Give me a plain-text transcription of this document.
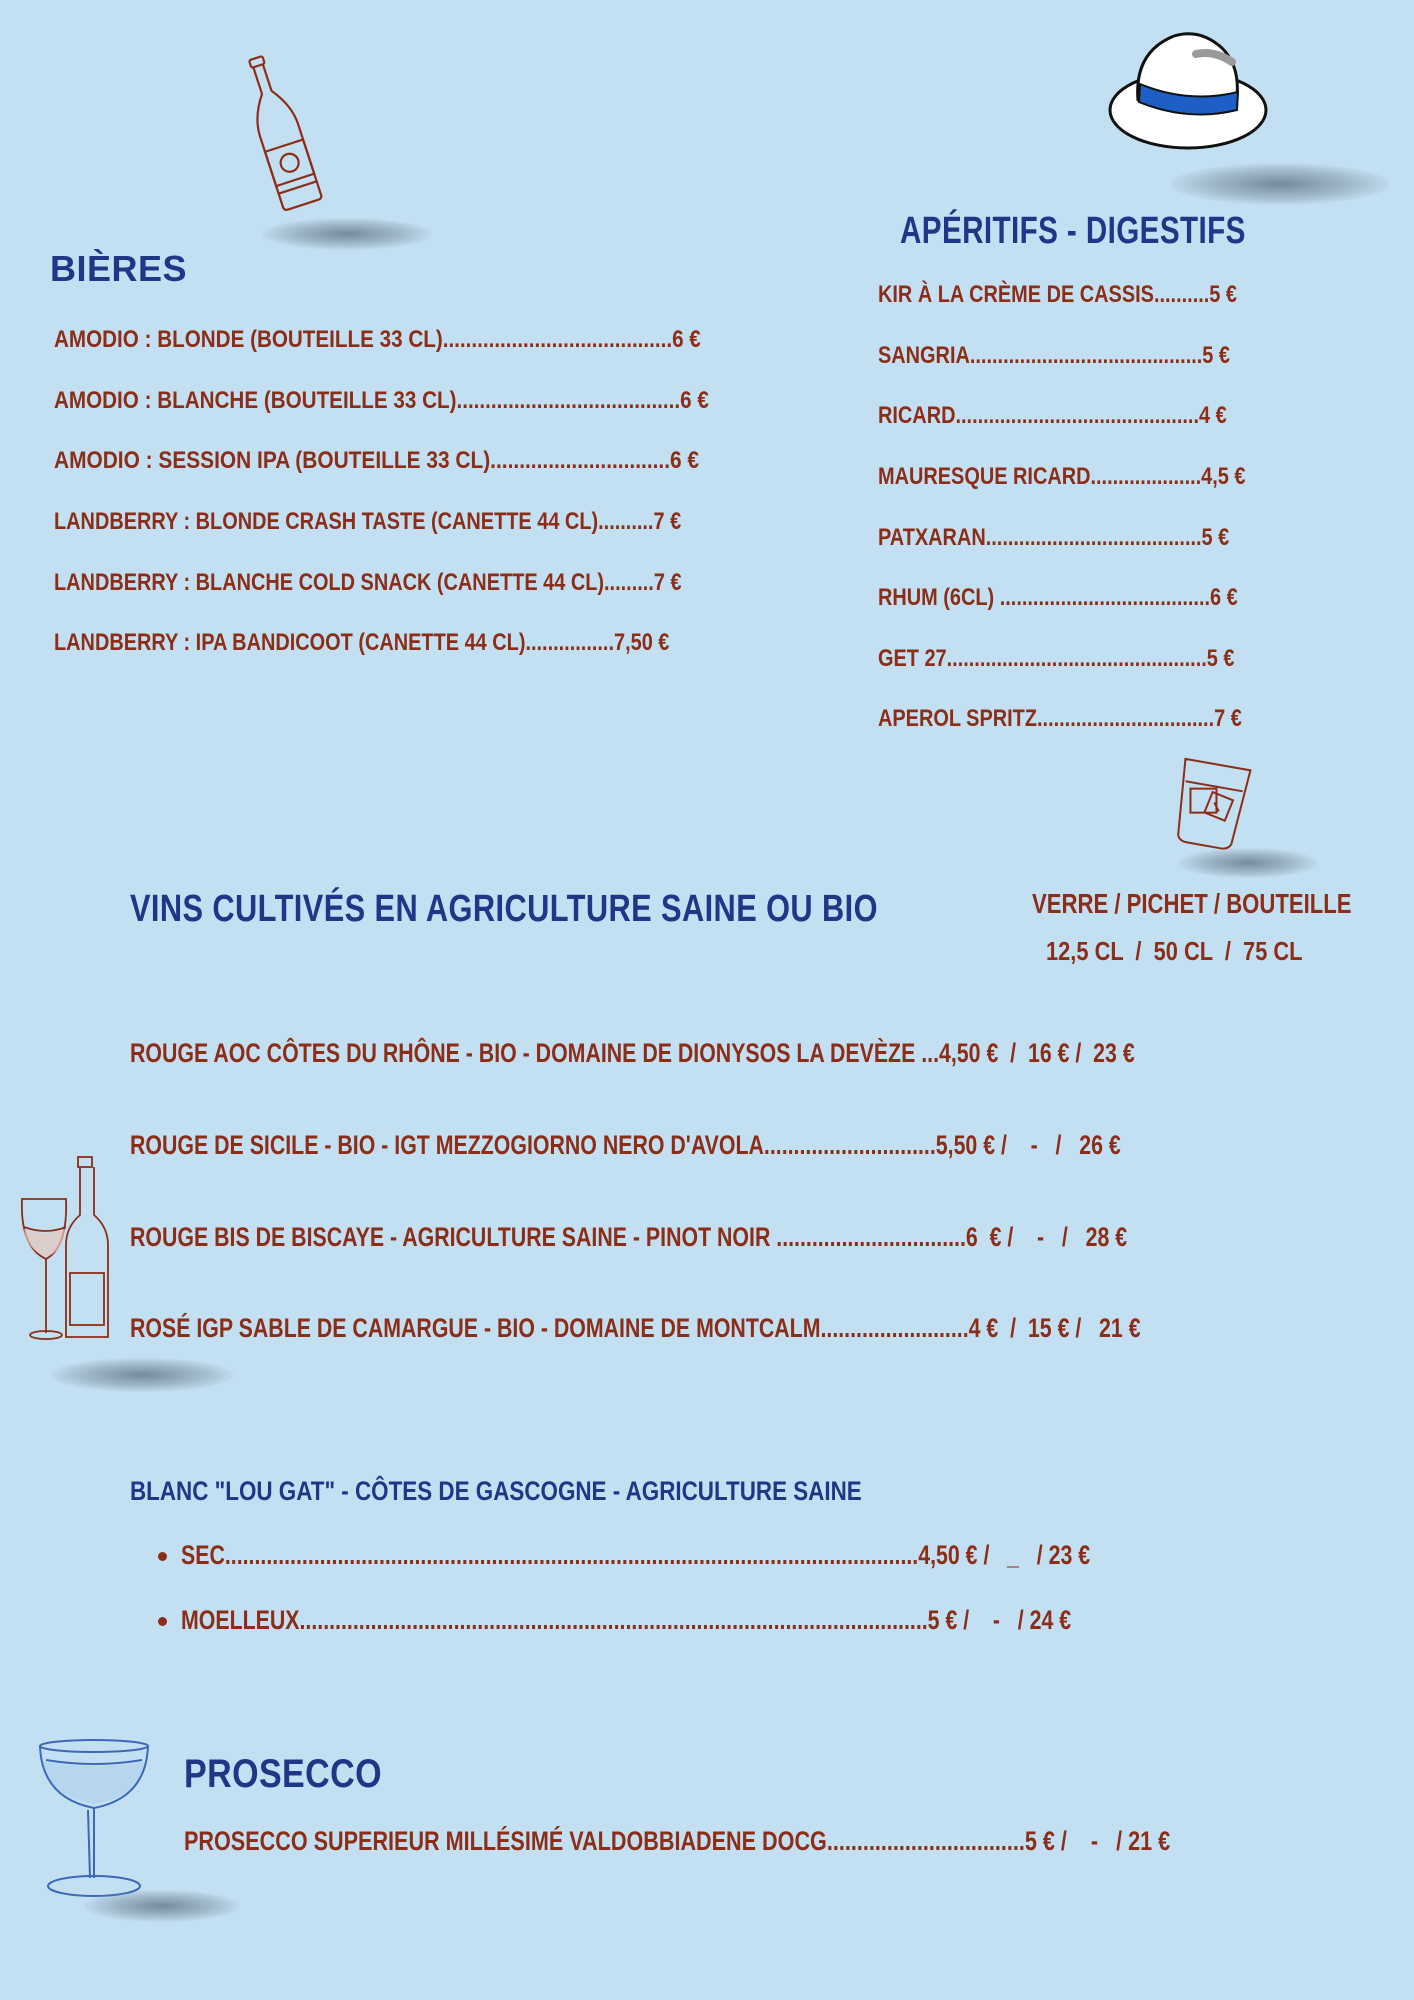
BIÈRES
AMODIO : BLONDE (BOUTEILLE 33 CL)........................................6 €
AMODIO : BLANCHE (BOUTEILLE 33 CL).......................................6 €
AMODIO : SESSION IPA (BOUTEILLE 33 CL)...............................6 €
LANDBERRY : BLONDE CRASH TASTE (CANETTE 44 CL)..........7 €
LANDBERRY : BLANCHE COLD SNACK (CANETTE 44 CL).........7 €
LANDBERRY : IPA BANDICOOT (CANETTE 44 CL)................7,50 €
APÉRITIFS - DIGESTIFS
KIR À LA CRÈME DE CASSIS..........5 €
SANGRIA..........................................5 €
RICARD............................................4 €
MAURESQUE RICARD....................4,5 €
PATXARAN.......................................5 €
RHUM (6CL) ......................................6 €
GET 27...............................................5 €
APEROL SPRITZ................................7 €
VINS CULTIVÉS EN AGRICULTURE SAINE OU BIO	VERRE / PICHET / BOUTEILLE
12,5 CL  /  50 CL  /  75 CL
ROUGE AOC CÔTES DU RHÔNE - BIO - DOMAINE DE DIONYSOS LA DEVÈZE ...4,50 €  /  16 € /  23 €
ROUGE DE SICILE - BIO - IGT MEZZOGIORNO NERO D'AVOLA.............................5,50 € /    -   /   26 €
ROUGE BIS DE BISCAYE - AGRICULTURE SAINE - PINOT NOIR ................................6  € /    -   /   28 €
ROSÉ IGP SABLE DE CAMARGUE - BIO - DOMAINE DE MONTCALM.........................4 €  /  15 € /   21 €
BLANC "LOU GAT" - CÔTES DE GASCOGNE - AGRICULTURE SAINE
SEC.....................................................................................................................4,50 € /   _   / 23 €
MOELLEUX..........................................................................................................5 € /    -   / 24 €
PROSECCO
PROSECCO SUPERIEUR MILLÉSIMÉ VALDOBBIADENE DOCG.................................5 € /    -   / 21 €
